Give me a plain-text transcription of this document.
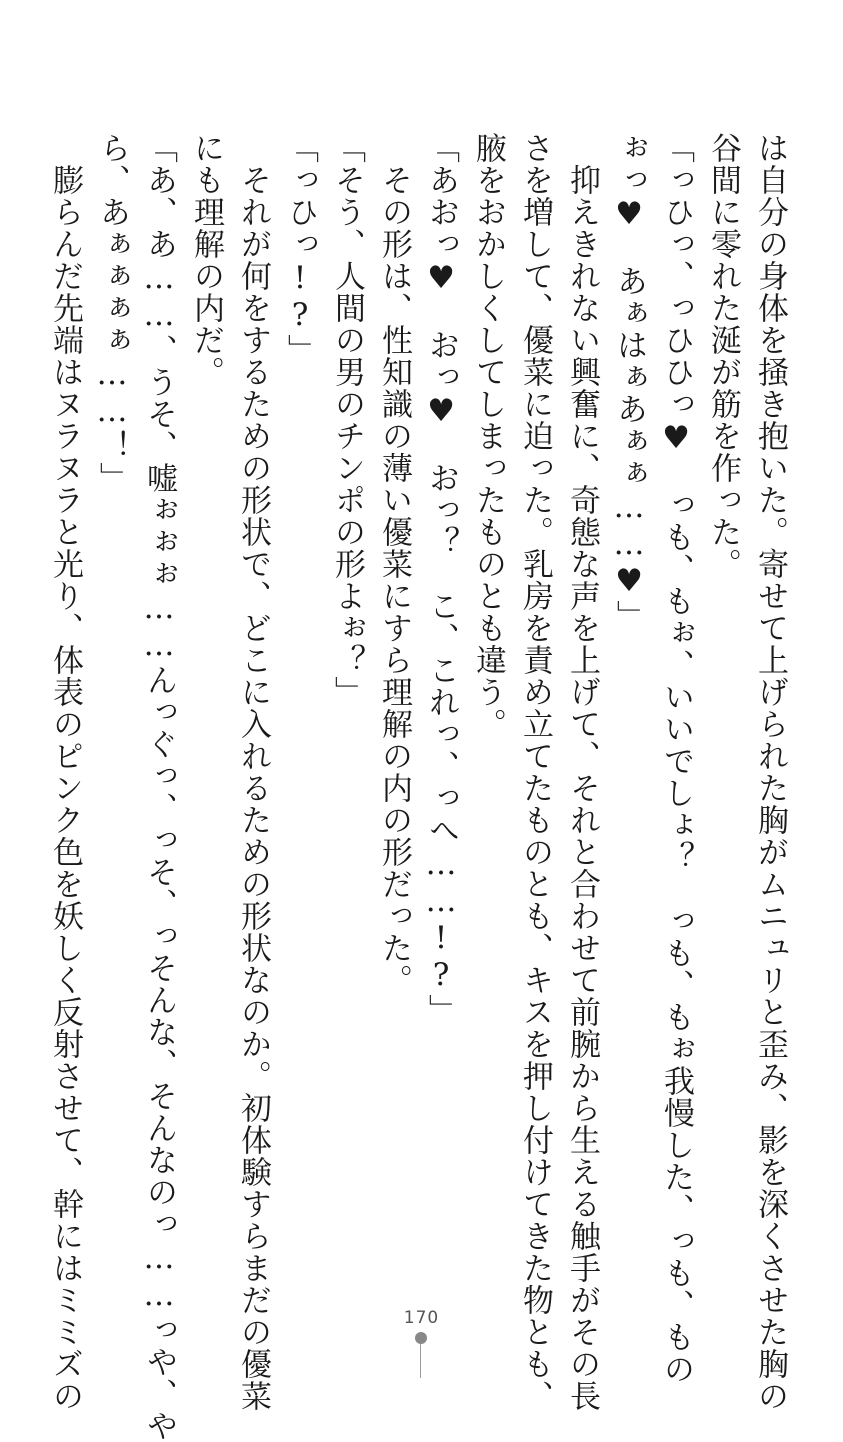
は自分の身体を掻き抱いた。寄せて上げられた胸がムニュリと歪み、影を深くさせた胸の
谷間に零れた涎が筋を作った。
「っひっ、っひひっ♥　っも、もぉ、いいでしょ？　っも、もぉ我慢した、っも、もの
ぉっ♥　あぁはぁあぁぁ……♥」
　抑えきれない興奮に、奇態な声を上げて、それと合わせて前腕から生える触手がその長
さを増して、優菜に迫った。乳房を責め立てたものとも、キスを押し付けてきた物とも、
腋をおかしくしてしまったものとも違う。
「あおっ♥　おっ♥　おっ？　こ、これっ、っへ……!?」
　その形は、性知識の薄い優菜にすら理解の内の形だった。
「そう、人間の男のチンポの形よぉ？」
「っひっ!?」
　それが何をするための形状で、どこに入れるための形状なのか。初体験すらまだの優菜
にも理解の内だ。
「あ、あ……、うそ、嘘ぉぉぉ……んっぐっ、っそ、っそんな、そんなのっ……っや、や
ら、あぁぁぁぁ……！」
　膨らんだ先端はヌラヌラと光り、体表のピンク色を妖しく反射させて、幹にはミミズの	170
